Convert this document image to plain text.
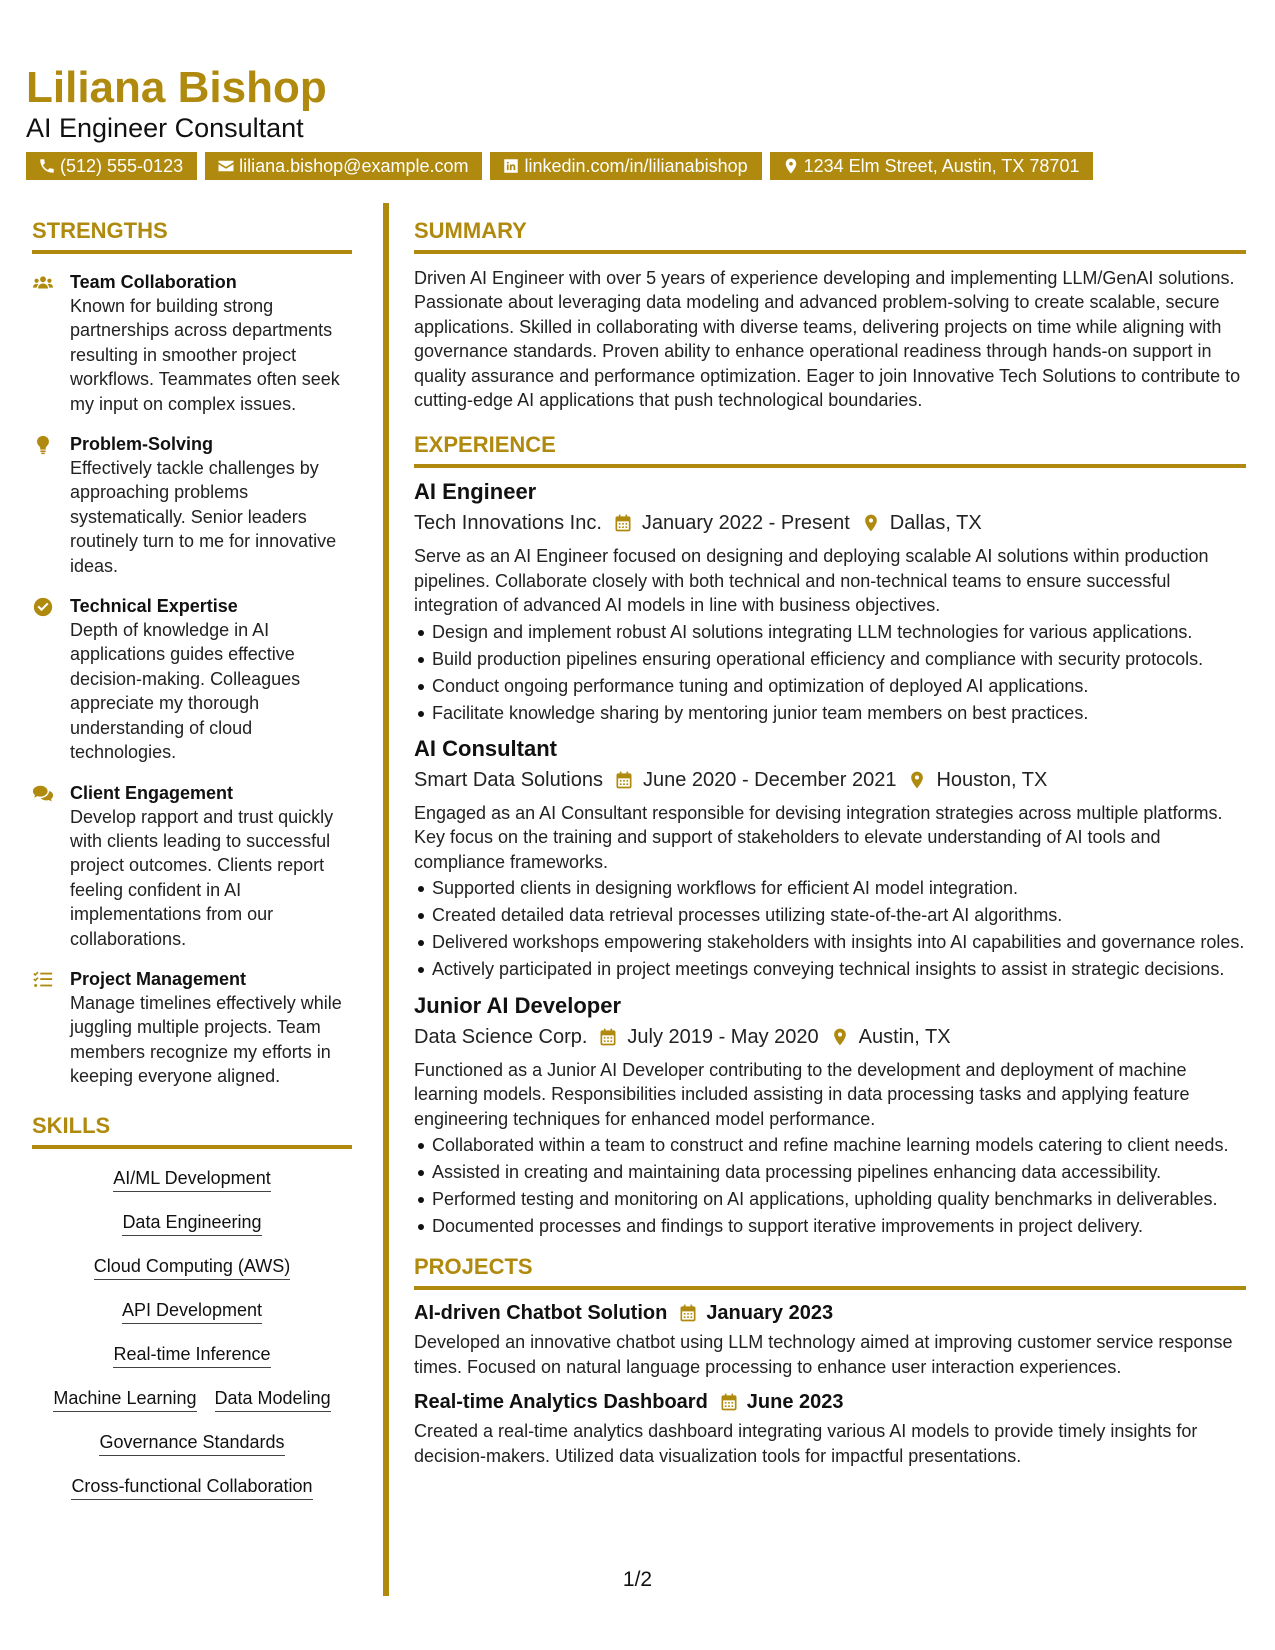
Liliana Bishop
AI Engineer Consultant
(512) 555-0123	liliana.bishop@example.com	linkedin.com/in/lilianabishop	1234 Elm Street, Austin, TX 78701
STRENGTHS
Team Collaboration
Known for building strong partnerships across departments resulting in smoother project workflows. Teammates often seek my input on complex issues.
Problem-Solving
Effectively tackle challenges by approaching problems systematically. Senior leaders routinely turn to me for innovative ideas.
Technical Expertise
Depth of knowledge in AI applications guides effective decision-making. Colleagues appreciate my thorough understanding of cloud technologies.
Client Engagement
Develop rapport and trust quickly with clients leading to successful project outcomes. Clients report feeling confident in AI implementations from our collaborations.
Project Management
Manage timelines effectively while juggling multiple projects. Team members recognize my efforts in keeping everyone aligned.
SKILLS
AI/ML Development
Data Engineering
Cloud Computing (AWS)
API Development
Real-time Inference
Machine Learning Data Modeling
Governance Standards
Cross-functional Collaboration
SUMMARY
Driven AI Engineer with over 5 years of experience developing and implementing LLM/GenAI solutions. Passionate about leveraging data modeling and advanced problem-solving to create scalable, secure applications. Skilled in collaborating with diverse teams, delivering projects on time while aligning with governance standards. Proven ability to enhance operational readiness through hands-on support in quality assurance and performance optimization. Eager to join Innovative Tech Solutions to contribute to cutting-edge AI applications that push technological boundaries.
EXPERIENCE
AI Engineer
Tech Innovations Inc. January 2022 - Present Dallas, TX
Serve as an AI Engineer focused on designing and deploying scalable AI solutions within production pipelines. Collaborate closely with both technical and non-technical teams to ensure successful integration of advanced AI models in line with business objectives.
Design and implement robust AI solutions integrating LLM technologies for various applications.
Build production pipelines ensuring operational efficiency and compliance with security protocols.
Conduct ongoing performance tuning and optimization of deployed AI applications.
Facilitate knowledge sharing by mentoring junior team members on best practices.
AI Consultant
Smart Data Solutions June 2020 - December 2021 Houston, TX
Engaged as an AI Consultant responsible for devising integration strategies across multiple platforms. Key focus on the training and support of stakeholders to elevate understanding of AI tools and compliance frameworks.
Supported clients in designing workflows for efficient AI model integration.
Created detailed data retrieval processes utilizing state-of-the-art AI algorithms.
Delivered workshops empowering stakeholders with insights into AI capabilities and governance roles.
Actively participated in project meetings conveying technical insights to assist in strategic decisions.
Junior AI Developer
Data Science Corp. July 2019 - May 2020 Austin, TX
Functioned as a Junior AI Developer contributing to the development and deployment of machine learning models. Responsibilities included assisting in data processing tasks and applying feature engineering techniques for enhanced model performance.
Collaborated within a team to construct and refine machine learning models catering to client needs.
Assisted in creating and maintaining data processing pipelines enhancing data accessibility.
Performed testing and monitoring on AI applications, upholding quality benchmarks in deliverables.
Documented processes and findings to support iterative improvements in project delivery.
PROJECTS
AI-driven Chatbot Solution January 2023
Developed an innovative chatbot using LLM technology aimed at improving customer service response times. Focused on natural language processing to enhance user interaction experiences.
Real-time Analytics Dashboard June 2023
Created a real-time analytics dashboard integrating various AI models to provide timely insights for decision-makers. Utilized data visualization tools for impactful presentations.
1/2
